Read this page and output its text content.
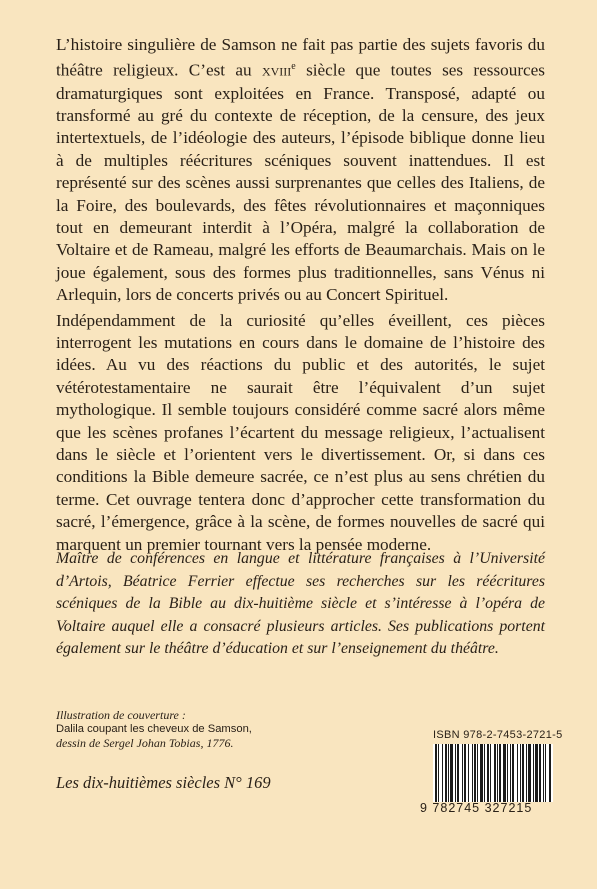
L’histoire singulière de Samson ne fait pas partie des sujets favoris du théâtre religieux. C’est au xviii$^e$ siècle que toutes ses ressources dramaturgiques sont exploitées en France. Transposé, adapté ou transformé au gré du contexte de réception, de la censure, des jeux intertextuels, de l’idéologie des auteurs, l’épisode biblique donne lieu à de multiples réécritures scéniques souvent inattendues. Il est représenté sur des scènes aussi surprenantes que celles des Italiens, de la Foire, des boulevards, des fêtes révolutionnaires et maçonniques tout en demeurant interdit à l’Opéra, malgré la collaboration de Voltaire et de Rameau, malgré les efforts de Beaumarchais. Mais on le joue également, sous des formes plus traditionnelles, sans Vénus ni Arlequin, lors de concerts privés ou au Concert Spirituel.

Indépendamment de la curiosité qu’elles éveillent, ces pièces interrogent les mutations en cours dans le domaine de l’histoire des idées. Au vu des réactions du public et des autorités, le sujet vétérotestamentaire ne saurait être l’équivalent d’un sujet mythologique. Il semble toujours considéré comme sacré alors même que les scènes profanes l’écartent du message religieux, l’actualisent dans le siècle et l’orientent vers le divertissement. Or, si dans ces conditions la Bible demeure sacrée, ce n’est plus au sens chrétien du terme. Cet ouvrage tentera donc d’approcher cette transformation du sacré, l’émergence, grâce à la scène, de formes nouvelles de sacré qui marquent un premier tournant vers la pensée moderne.

Maître de conférences en langue et littérature françaises à l’Université d’Artois, Béatrice Ferrier effectue ses recherches sur les réécritures scéniques de la Bible au dix-huitième siècle et s’intéresse à l’opéra de Voltaire auquel elle a consacré plusieurs articles. Ses publications portent également sur le théâtre d’éducation et sur l’enseignement du théâtre.

Illustration de couverture :
Dalila coupant les cheveux de Samson,
dessin de Sergel Johan Tobias, 1776.
Les dix-huitièmes siècles N° 169
ISBN 978-2-7453-2721-5
9 782745 327215
